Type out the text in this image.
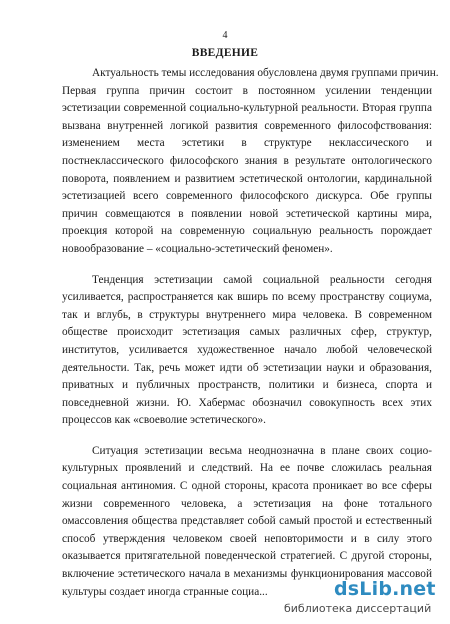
4
ВВЕДЕНИЕ

Актуальность темы исследования обусловлена двумя группами причин.
Первая группа причин состоит в постоянном усилении тенденции
эстетизации современной социально-культурной реальности. Вторая группа
вызвана внутренней логикой развития современного философствования:
изменением места эстетики в структуре неклассического и
постнеклассического философского знания в результате онтологического
поворота, появлением и развитием эстетической онтологии, кардинальной
эстетизацией всего современного философского дискурса. Обе группы
причин совмещаются в появлении новой эстетической картины мира,
проекция которой на современную социальную реальность порождает
новообразование – «социально-эстетический феномен».

Тенденция эстетизации самой социальной реальности сегодня
усиливается, распространяется как вширь по всему пространству социума,
так и вглубь, в структуры внутреннего мира человека. В современном
обществе происходит эстетизация самых различных сфер, структур,
институтов, усиливается художественное начало любой человеческой
деятельности. Так, речь может идти об эстетизации науки и образования,
приватных и публичных пространств, политики и бизнеса, спорта и
повседневной жизни. Ю. Хабермас обозначил совокупность всех этих
процессов как «своеволие эстетического».

Ситуация эстетизации весьма неоднозначна в плане своих социо-
культурных проявлений и следствий. На ее почве сложилась реальная
социальная антиномия. С одной стороны, красота проникает во все сферы
жизни современного человека, а эстетизация на фоне тотального
омассовления общества представляет собой самый простой и естественный
способ утверждения человеком своей неповторимости и в силу этого
оказывается притягательной поведенческой стратегией. С другой стороны,
включение эстетического начала в механизмы функционирования массовой
культуры создает иногда странные социа...	dsLib.net
библиотека диссертаций
